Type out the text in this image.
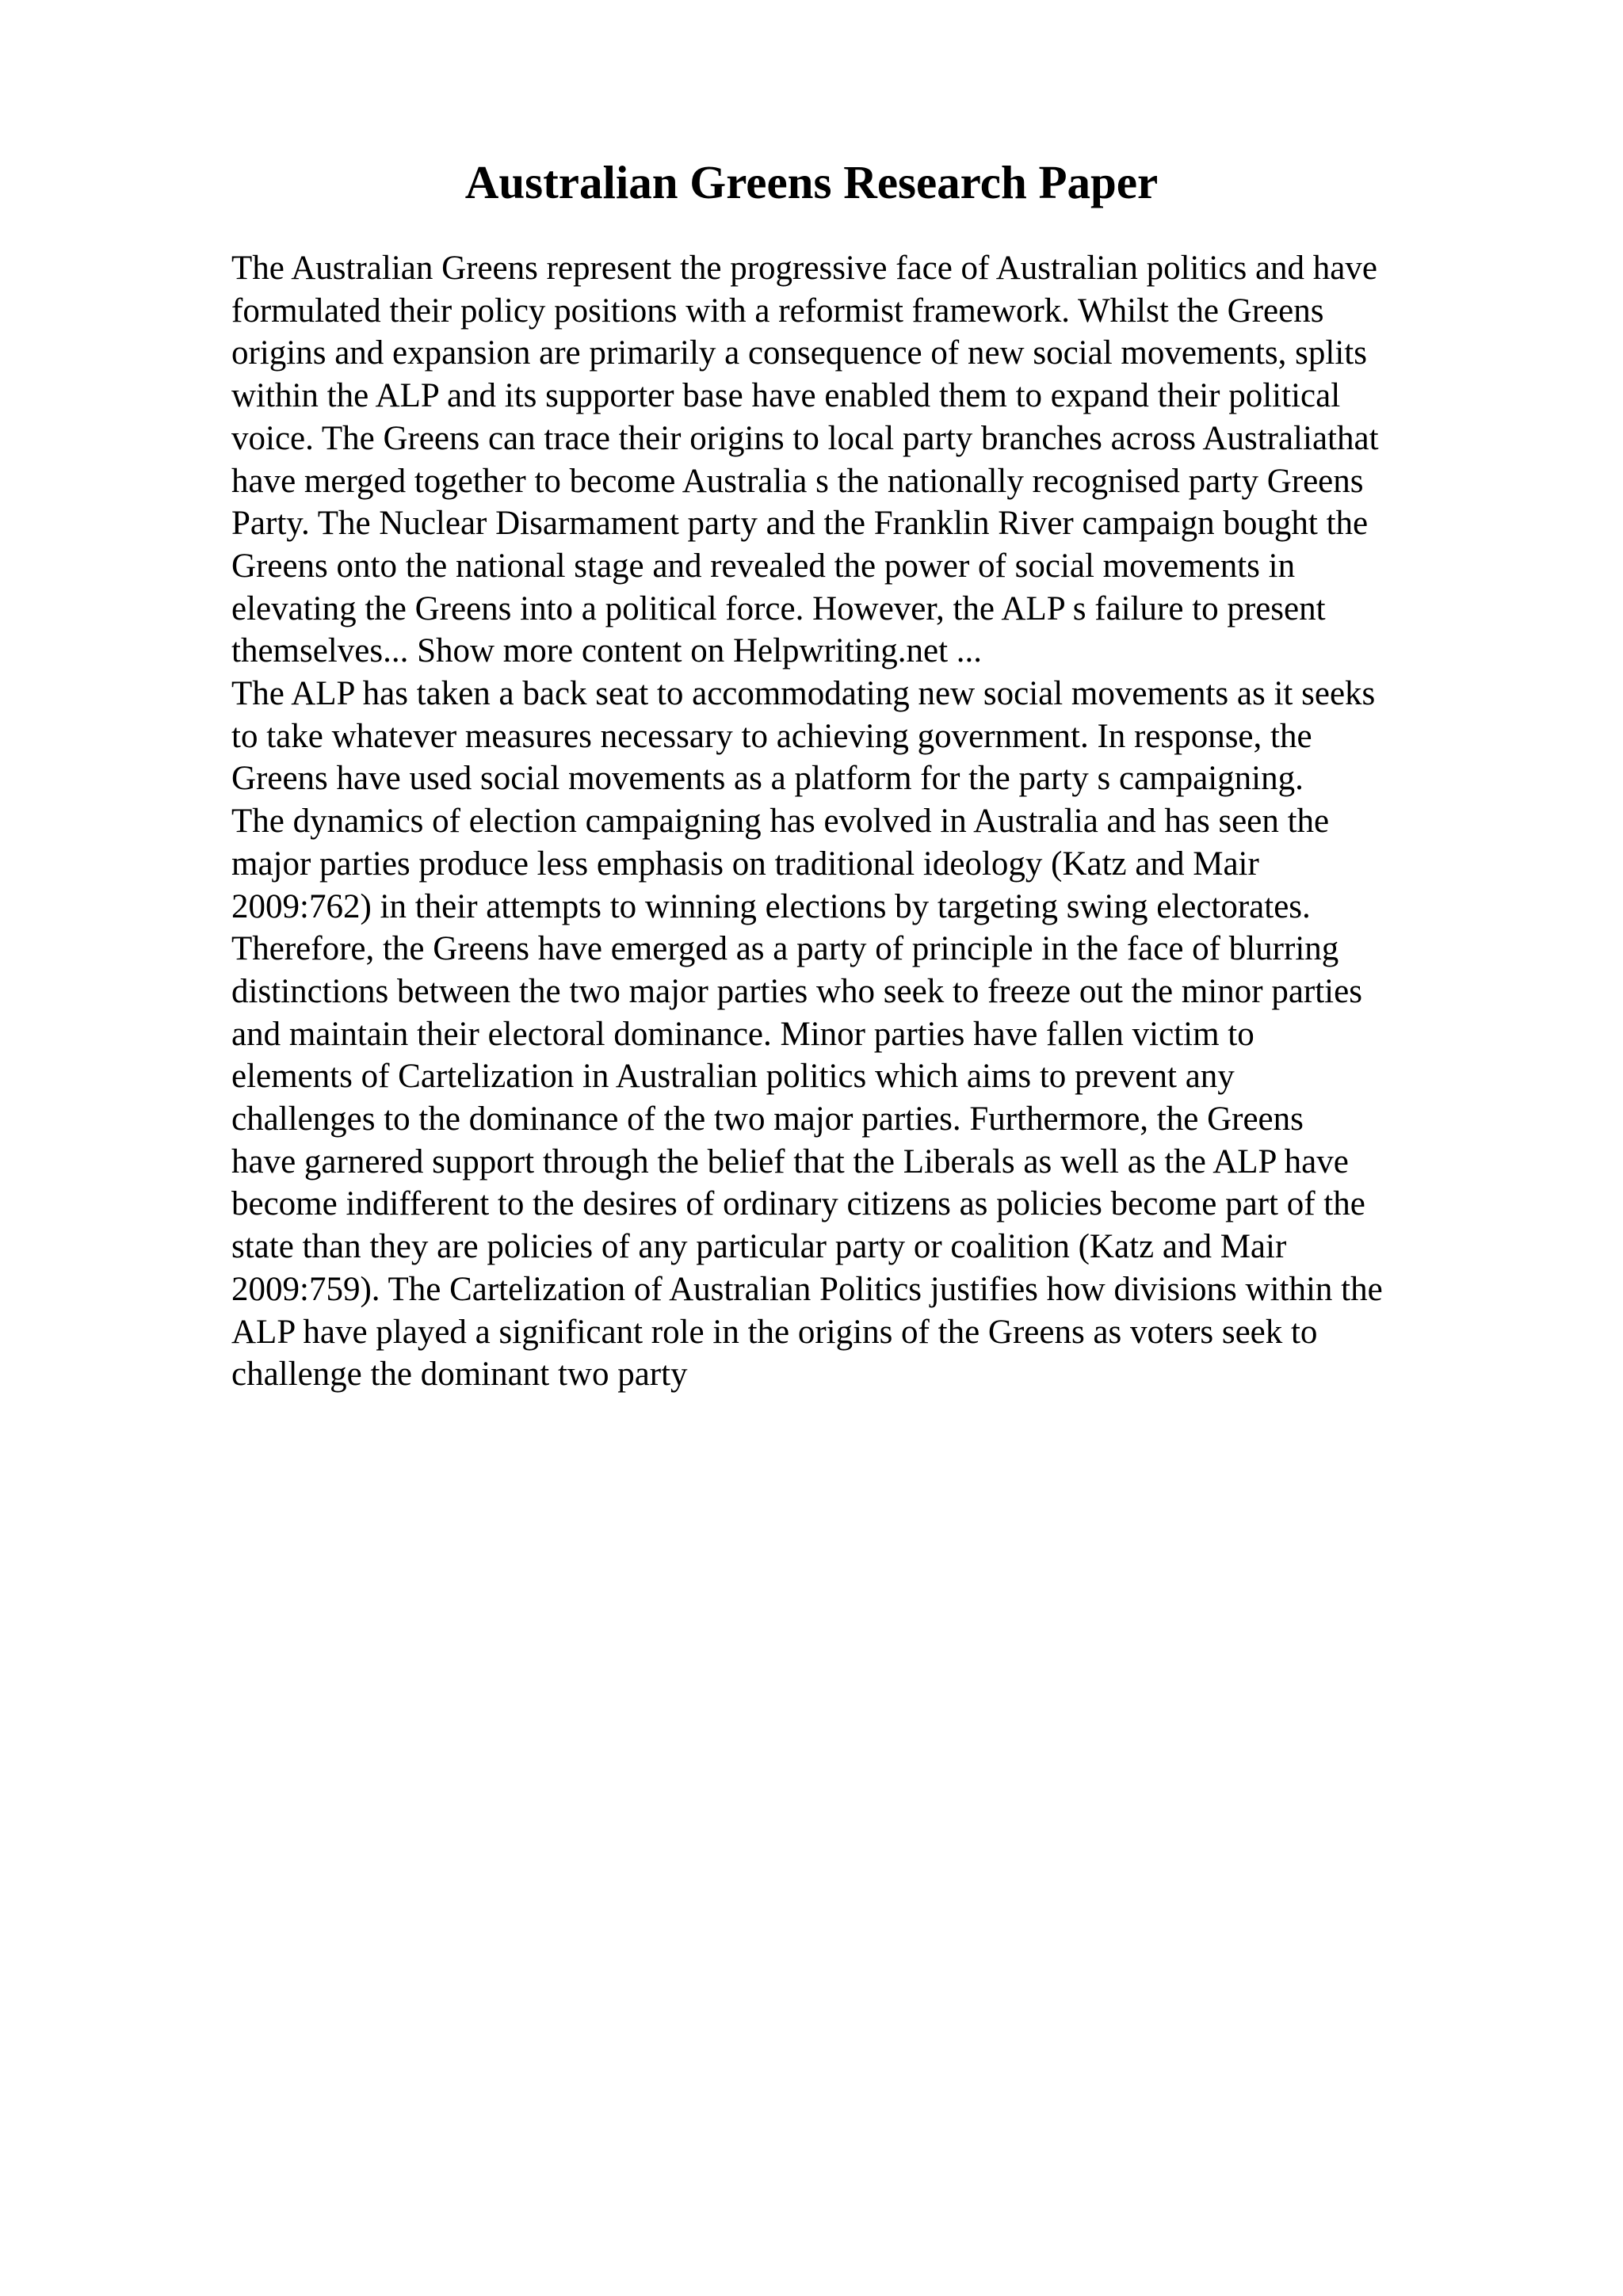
Australian Greens Research Paper
The Australian Greens represent the progressive face of Australian politics and have
formulated their policy positions with a reformist framework. Whilst the Greens
origins and expansion are primarily a consequence of new social movements, splits
within the ALP and its supporter base have enabled them to expand their political
voice. The Greens can trace their origins to local party branches across Australiathat
have merged together to become Australia s the nationally recognised party Greens
Party. The Nuclear Disarmament party and the Franklin River campaign bought the
Greens onto the national stage and revealed the power of social movements in
elevating the Greens into a political force. However, the ALP s failure to present
themselves... Show more content on Helpwriting.net ...
The ALP has taken a back seat to accommodating new social movements as it seeks
to take whatever measures necessary to achieving government. In response, the
Greens have used social movements as a platform for the party s campaigning.
The dynamics of election campaigning has evolved in Australia and has seen the
major parties produce less emphasis on traditional ideology (Katz and Mair
2009:762) in their attempts to winning elections by targeting swing electorates.
Therefore, the Greens have emerged as a party of principle in the face of blurring
distinctions between the two major parties who seek to freeze out the minor parties
and maintain their electoral dominance. Minor parties have fallen victim to
elements of Cartelization in Australian politics which aims to prevent any
challenges to the dominance of the two major parties. Furthermore, the Greens
have garnered support through the belief that the Liberals as well as the ALP have
become indifferent to the desires of ordinary citizens as policies become part of the
state than they are policies of any particular party or coalition (Katz and Mair
2009:759). The Cartelization of Australian Politics justifies how divisions within the
ALP have played a significant role in the origins of the Greens as voters seek to
challenge the dominant two party
